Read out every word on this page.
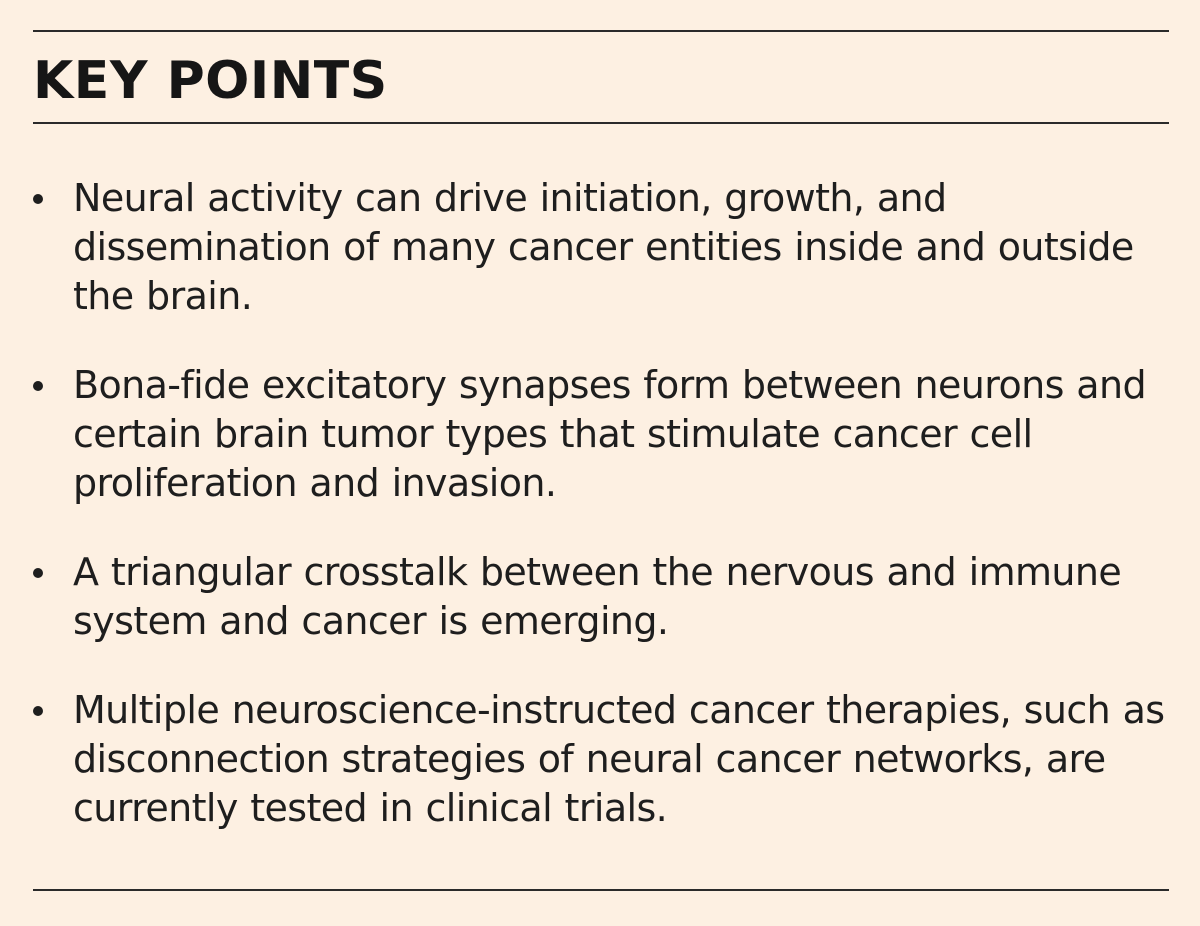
KEY POINTS
Neural activity can drive initiation, growth, and dissemination of many cancer entities inside and outside the brain.
Bona-fide excitatory synapses form between neurons and certain brain tumor types that stimulate cancer cell proliferation and invasion.
A triangular crosstalk between the nervous and immune system and cancer is emerging.
Multiple neuroscience-instructed cancer therapies, such as disconnection strategies of neural cancer networks, are currently tested in clinical trials.
